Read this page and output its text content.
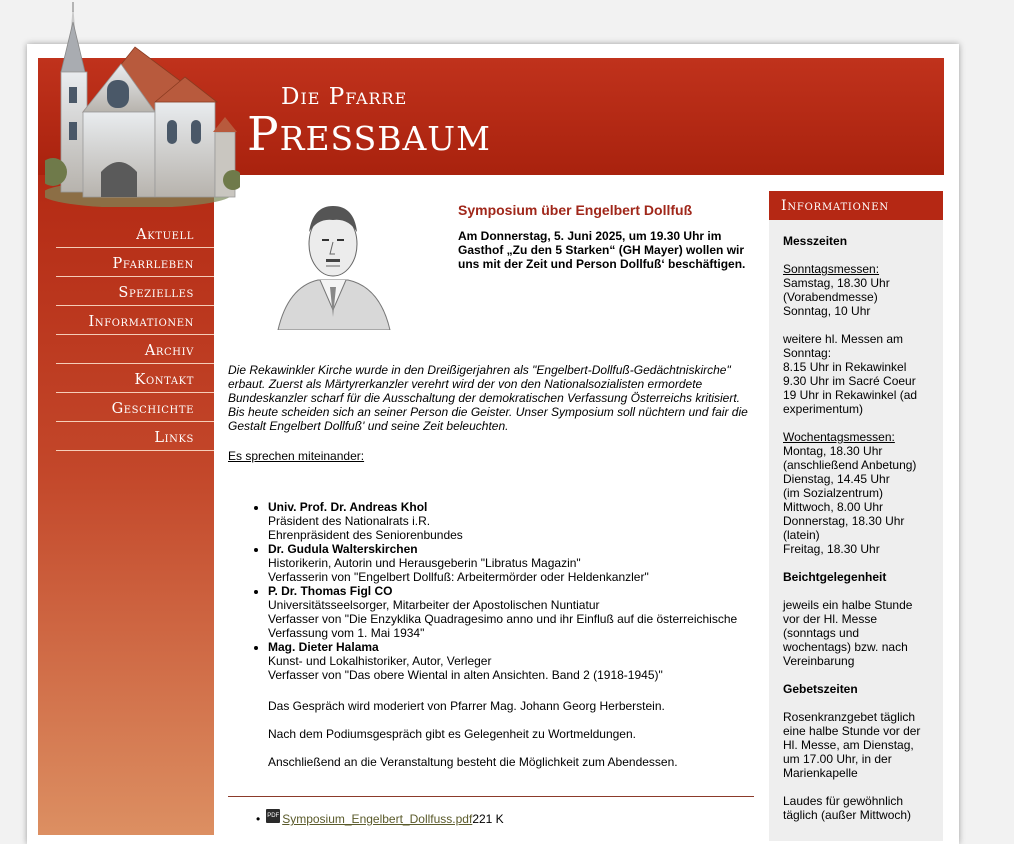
Die Pfarre
Pressbaum
Aktuell
Pfarrleben
Spezielles
Informationen
Archiv
Kontakt
Geschichte
Links
Symposium über Engelbert Dollfuß
Am Donnerstag, 5. Juni 2025, um 19.30 Uhr im Gasthof „Zu den 5 Starken“ (GH Mayer) wollen wir uns mit der Zeit und Person Dollfuß‘ beschäftigen.
Die Rekawinkler Kirche wurde in den Dreißigerjahren als "Engelbert-Dollfuß-Gedächtniskirche" erbaut. Zuerst als Märtyrerkanzler verehrt wird der von den Nationalsozialisten ermordete Bundeskanzler scharf für die Ausschaltung der demokratischen Verfassung Österreichs kritisiert. Bis heute scheiden sich an seiner Person die Geister. Unser Symposium soll nüchtern und fair die Gestalt Engelbert Dollfuß' und seine Zeit beleuchten.
Es sprechen miteinander:
• Univ. Prof. Dr. Andreas Khol
Präsident des Nationalrats i.R.
Ehrenpräsident des Seniorenbundes
• Dr. Gudula Walterskirchen
Historikerin, Autorin und Herausgeberin "Libratus Magazin"
Verfasserin von "Engelbert Dollfuß: Arbeitermörder oder Heldenkanzler"
• P. Dr. Thomas Figl CO
Universitätsseelsorger, Mitarbeiter der Apostolischen Nuntiatur
Verfasser von "Die Enzyklika Quadragesimo anno und ihr Einfluß auf die österreichische Verfassung vom 1. Mai 1934"
• Mag. Dieter Halama
Kunst- und Lokalhistoriker, Autor, Verleger
Verfasser von "Das obere Wiental in alten Ansichten. Band 2 (1918-1945)"
Das Gespräch wird moderiert von Pfarrer Mag. Johann Georg Herberstein.
Nach dem Podiumsgespräch gibt es Gelegenheit zu Wortmeldungen.
Anschließend an die Veranstaltung besteht die Möglichkeit zum Abendessen.
• PDF Symposium_Engelbert_Dollfuss.pdf 221 K
Informationen
Messzeiten

Sonntagsmessen:
Samstag, 18.30 Uhr
(Vorabendmesse)
Sonntag, 10 Uhr

weitere hl. Messen am
Sonntag:
8.15 Uhr in Rekawinkel
9.30 Uhr im Sacré Coeur
19 Uhr in Rekawinkel (ad
experimentum)

Wochentagsmessen:
Montag, 18.30 Uhr
(anschließend Anbetung)
Dienstag, 14.45 Uhr
(im Sozialzentrum)
Mittwoch, 8.00 Uhr
Donnerstag, 18.30 Uhr
(latein)
Freitag, 18.30 Uhr

Beichtgelegenheit

jeweils ein halbe Stunde vor der Hl. Messe (sonntags und wochentags) bzw. nach Vereinbarung

Gebetszeiten

Rosenkranzgebet täglich eine halbe Stunde vor der Hl. Messe, am Dienstag, um 17.00 Uhr, in der Marienkapelle

Laudes für gewöhnlich täglich (außer Mittwoch)
